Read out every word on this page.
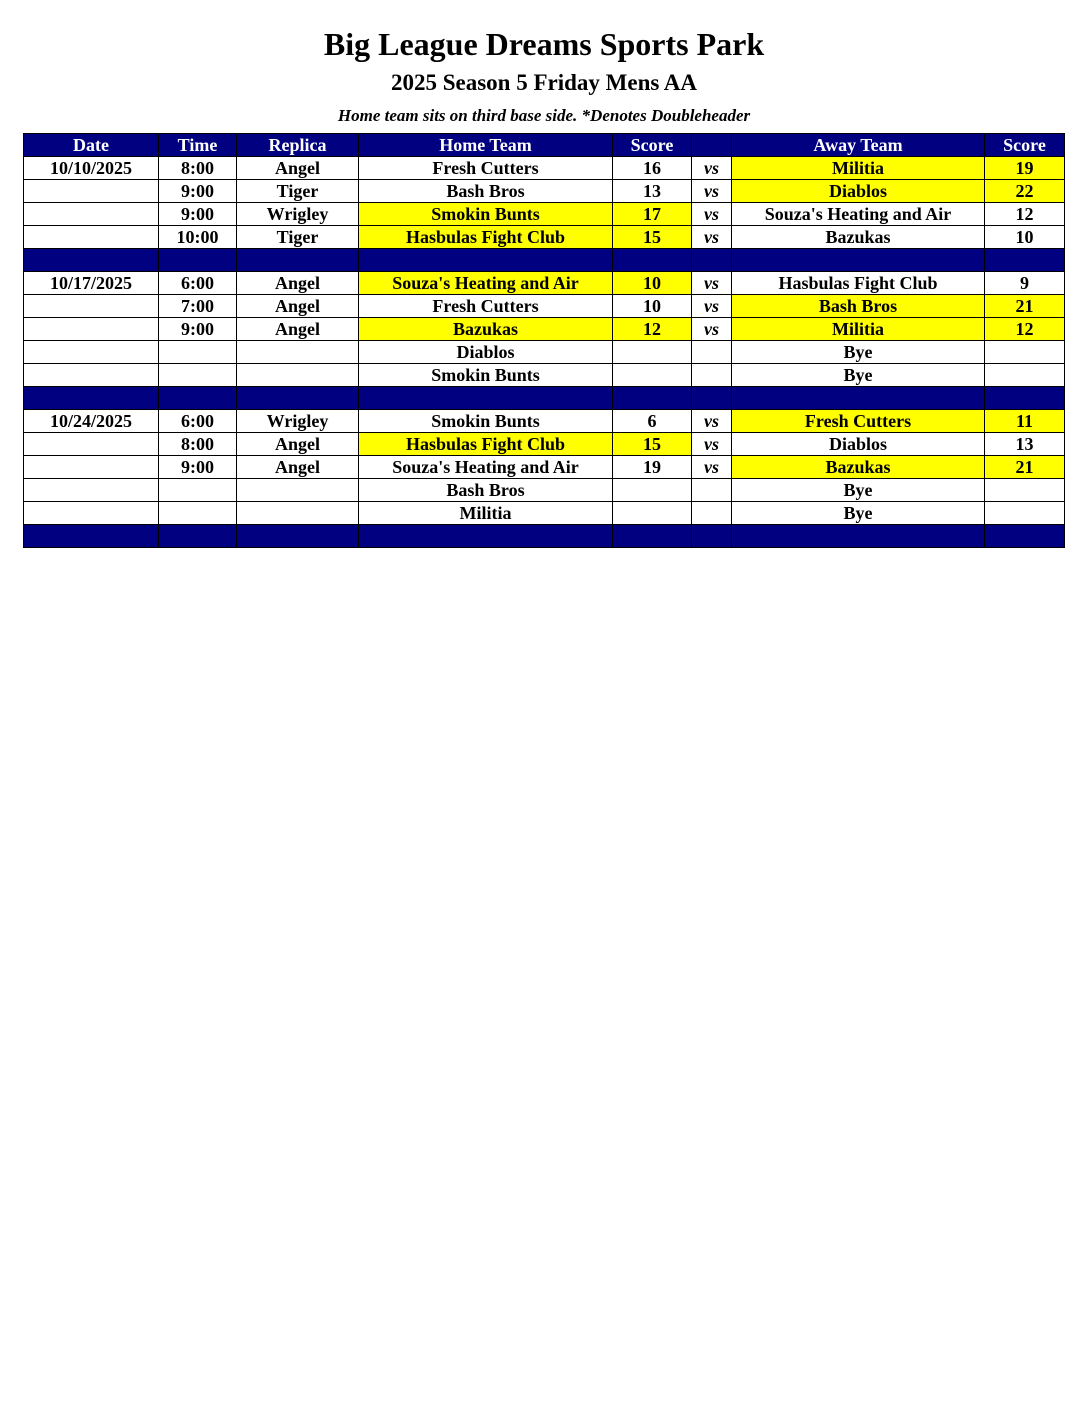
Big League Dreams Sports Park
2025 Season 5 Friday Mens AA
Home team sits on third base side. *Denotes Doubleheader
Date	Time	Replica	Home Team	Score		Away Team	Score
10/10/2025	8:00	Angel	Fresh Cutters	16	vs	Militia	19
	9:00	Tiger	Bash Bros	13	vs	Diablos	22
	9:00	Wrigley	Smokin Bunts	17	vs	Souza's Heating and Air	12
	10:00	Tiger	Hasbulas Fight Club	15	vs	Bazukas	10

10/17/2025	6:00	Angel	Souza's Heating and Air	10	vs	Hasbulas Fight Club	9
	7:00	Angel	Fresh Cutters	10	vs	Bash Bros	21
	9:00	Angel	Bazukas	12	vs	Militia	12
			Diablos			Bye	
			Smokin Bunts			Bye	

10/24/2025	6:00	Wrigley	Smokin Bunts	6	vs	Fresh Cutters	11
	8:00	Angel	Hasbulas Fight Club	15	vs	Diablos	13
	9:00	Angel	Souza's Heating and Air	19	vs	Bazukas	21
			Bash Bros			Bye	
			Militia			Bye	
